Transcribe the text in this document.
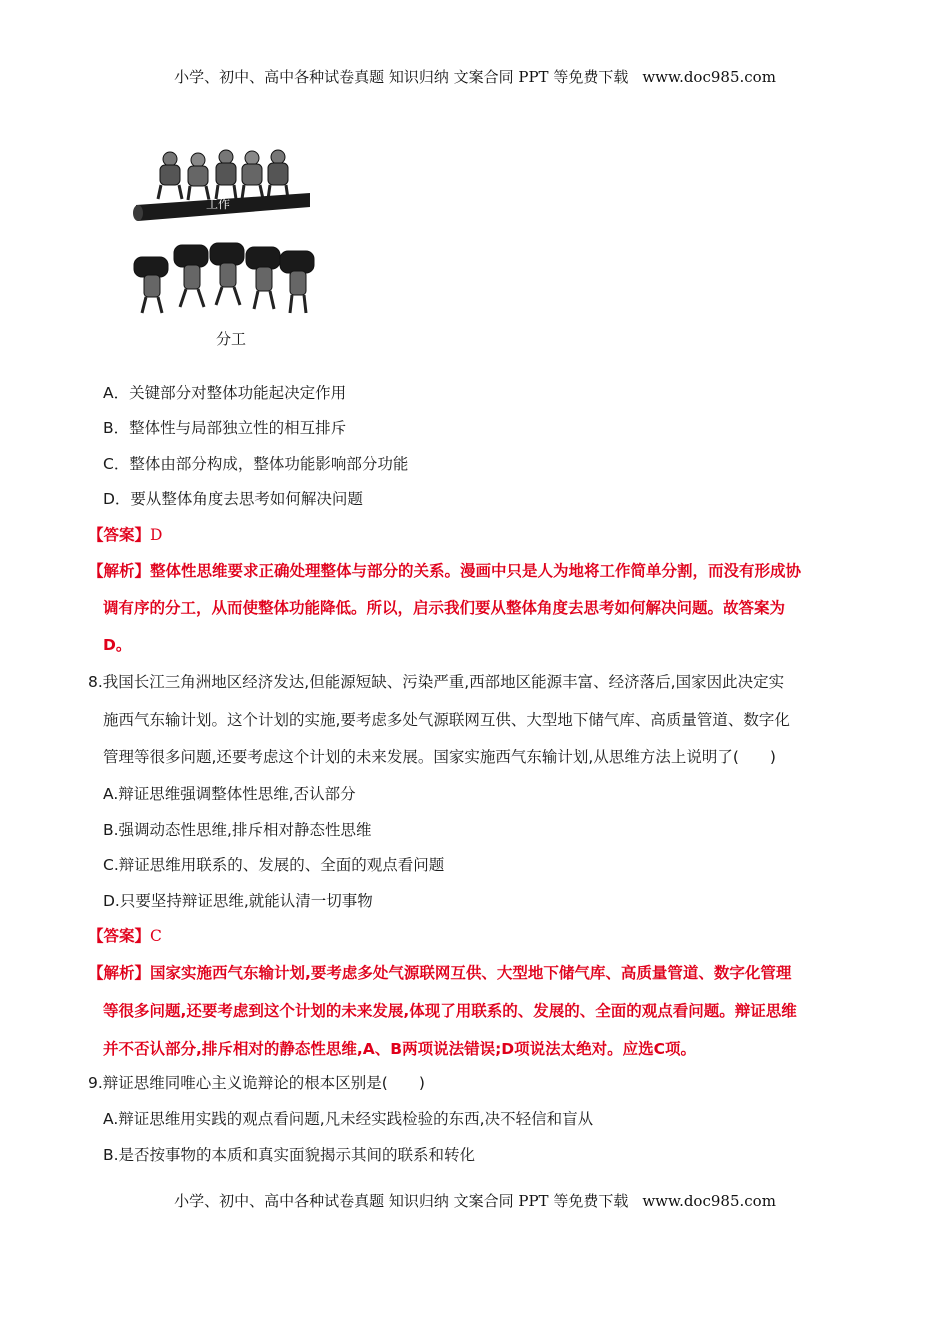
小学、初中、高中各种试卷真题 知识归纳 文案合同 PPT 等免费下载 www.doc985.com
工作
分工
A．关键部分对整体功能起决定作用
B．整体性与局部独立性的相互排斥
C．整体由部分构成，整体功能影响部分功能
D．要从整体角度去思考如何解决问题
【答案】D
【解析】整体性思维要求正确处理整体与部分的关系。漫画中只是人为地将工作简单分割，而没有形成协
调有序的分工，从而使整体功能降低。所以，启示我们要从整体角度去思考如何解决问题。故答案为
D。
8.我国长江三角洲地区经济发达,但能源短缺、污染严重,西部地区能源丰富、经济落后,国家因此决定实
施西气东输计划。这个计划的实施,要考虑多处气源联网互供、大型地下储气库、高质量管道、数字化
管理等很多问题,还要考虑这个计划的未来发展。国家实施西气东输计划,从思维方法上说明了(　　)
A.辩证思维强调整体性思维,否认部分
B.强调动态性思维,排斥相对静态性思维
C.辩证思维用联系的、发展的、全面的观点看问题
D.只要坚持辩证思维,就能认清一切事物
【答案】C
【解析】国家实施西气东输计划,要考虑多处气源联网互供、大型地下储气库、高质量管道、数字化管理
等很多问题,还要考虑到这个计划的未来发展,体现了用联系的、发展的、全面的观点看问题。辩证思维
并不否认部分,排斥相对的静态性思维,A、B两项说法错误;D项说法太绝对。应选C项。
9.辩证思维同唯心主义诡辩论的根本区别是(　　)
A.辩证思维用实践的观点看问题,凡未经实践检验的东西,决不轻信和盲从
B.是否按事物的本质和真实面貌揭示其间的联系和转化
小学、初中、高中各种试卷真题 知识归纳 文案合同 PPT 等免费下载 www.doc985.com
